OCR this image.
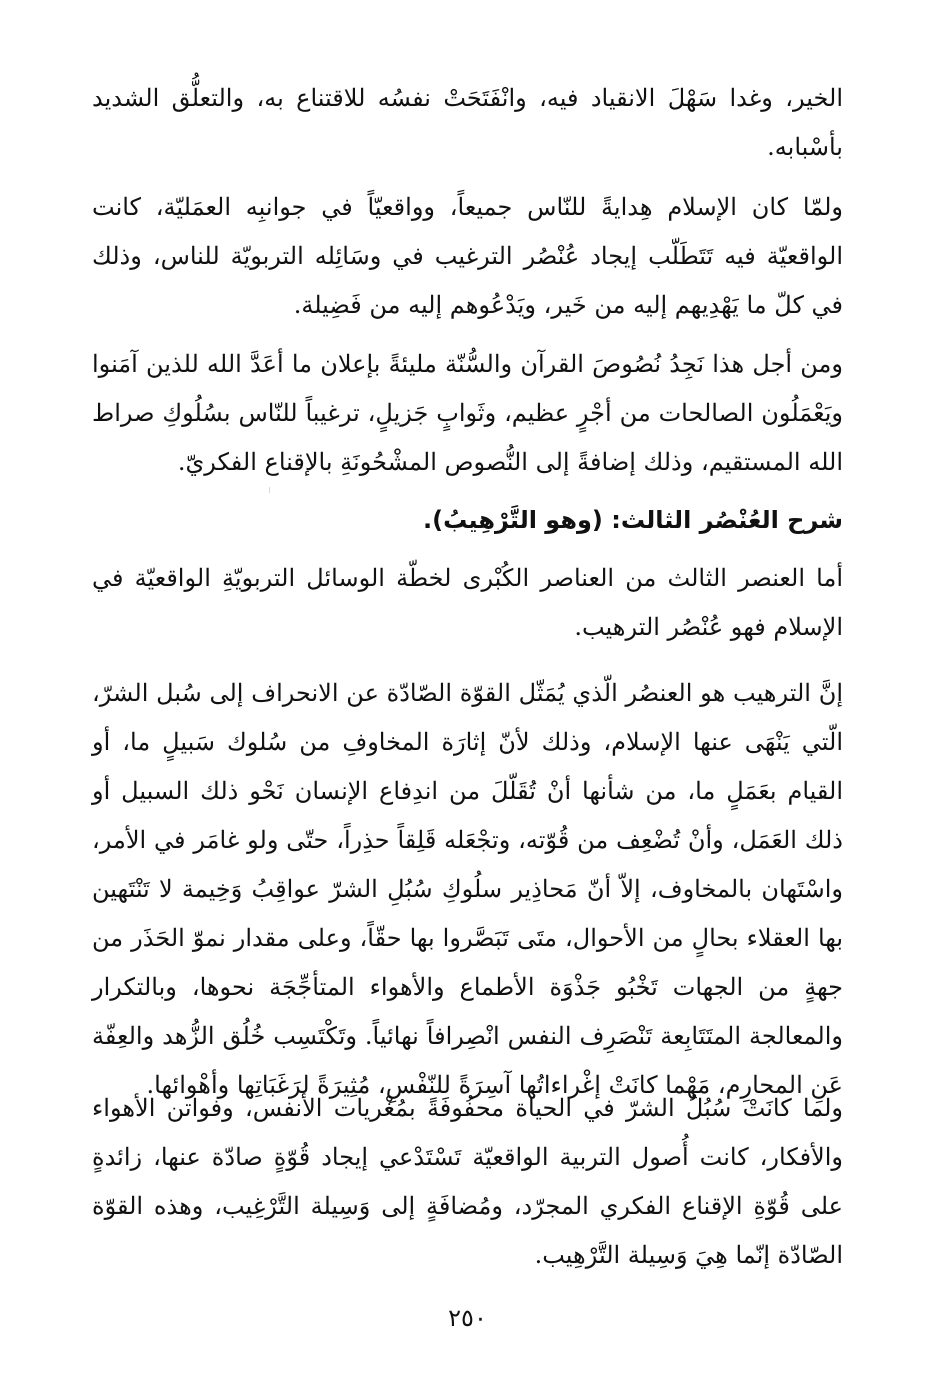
الخير، وغدا سَهْلَ الانقياد فيه، وانْفَتَحَتْ نفسُه للاقتناع به، والتعلُّق الشديد بأسْبابه.
ولمّا كان الإسلام هِدايةً للنّاس جميعاً، وواقعيّاً في جوانبِه العمَليّة، كانت الواقعيّة فيه تَتَطَلّب إيجاد عُنْصُر الترغيب في وسَائِله التربويّة للناس، وذلك في كلّ ما يَهْدِيهم إليه من خَير، ويَدْعُوهم إليه من فَضِيلة.
ومن أجل هذا نَجِدُ نُصُوصَ القرآن والسُّنّة مليئةً بإعلان ما أعَدَّ الله للذين آمَنوا ويَعْمَلُون الصالحات من أجْرٍ عظيم، وثَوابٍ جَزيلٍ، ترغيباً للنّاس بسُلُوكِ صراط الله المستقيم، وذلك إضافةً إلى النُّصوص المشْحُونَةِ بالإقناع الفكريّ.
شرح العُنْصُر الثالث: (وهو التَّرْهِيبُ).
أما العنصر الثالث من العناصر الكُبْرى لخطّة الوسائل التربويّةِ الواقعيّة في الإسلام فهو عُنْصُر الترهيب.
إنَّ الترهيب هو العنصُر الّذي يُمَثّل القوّة الصّادّة عن الانحراف إلى سُبل الشرّ، الّتي يَنْهَى عنها الإسلام، وذلك لأنّ إثارَة المخاوفِ من سُلوك سَبيلٍ ما، أو القيام بعَمَلٍ ما، من شأنها أنْ تُقَلّلَ من اندِفاع الإنسان نَحْو ذلك السبيل أو ذلك العَمَل، وأنْ تُضْعِف من قُوّته، وتجْعَله قَلِقاً حذِراً، حتّى ولو غامَر في الأمر، واسْتَهان بالمخاوف، إلاّ أنّ مَحاذِير سلُوكِ سُبُلِ الشرّ عواقِبُ وَخِيمة لا تَنْتَهين بها العقلاء بحالٍ من الأحوال، متَى تَبَصَّروا بها حقّاً، وعلى مقدار نموّ الحَذَر من جهةٍ من الجهات تَخْبُو جَذْوَة الأطماع والأهواء المتأجِّجَة نحوها، وبالتكرار والمعالجة المتَتَابِعة تَنْصَرِف النفس انْصِرافاً نهائياً. وتَكْتَسِب خُلُق الزُّهد والعِفّة عَنِ المحارِم، مَهْما كانَتْ إغْراءاتُها آسِرَةً للنّفْسِ، مُثِيرَةً لرَغَبَاتِها وأهْوائها.
ولما كانَتْ سُبُلُ الشرّ في الحياة محفُوفَةً بمُغْريات الأنفس، وفواتن الأهواء والأفكار، كانت أُصول التربية الواقعيّة تَسْتَدْعي إيجاد قُوّةٍ صادّة عنها، زائدةٍ على قُوّةِ الإقناع الفكري المجرّد، ومُضافَةٍ إلى وَسِيلة التَّرْغِيب، وهذه القوّة الصّادّة إنّما هِيَ وَسِيلة التَّرْهِيب.
٢٥٠
